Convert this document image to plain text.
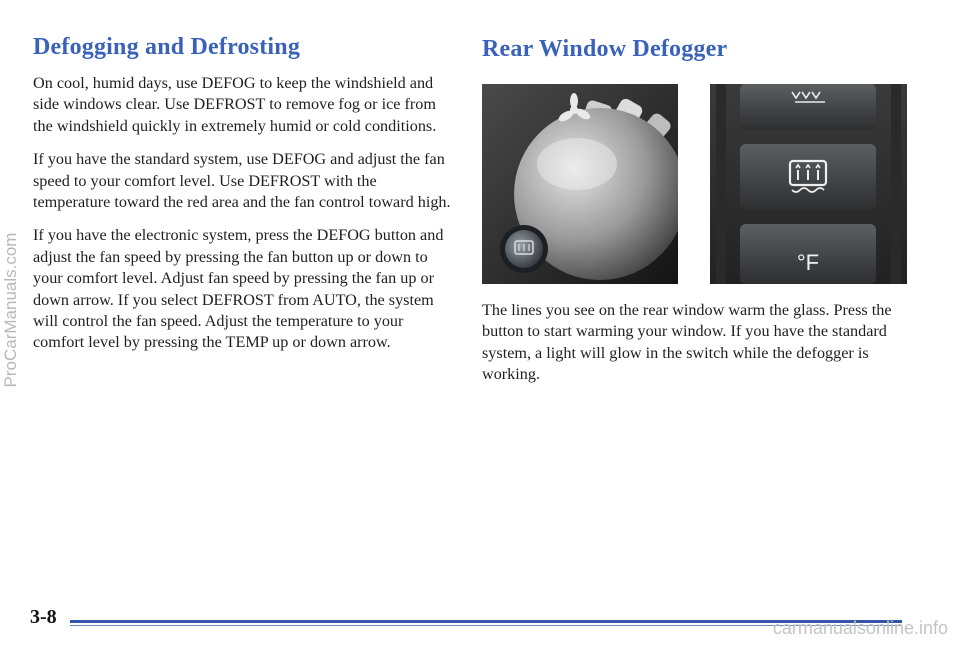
Defogging and Defrosting

On cool, humid days, use DEFOG to keep the windshield and side windows clear. Use DEFROST to remove fog or ice from the windshield quickly in extremely humid or cold conditions.

If you have the standard system, use DEFOG and adjust the fan speed to your comfort level. Use DEFROST with the temperature toward the red area and the fan control toward high.

If you have the electronic system, press the DEFOG button and adjust the fan speed by pressing the fan button up or down to your comfort level. Adjust fan speed by pressing the fan up or down arrow. If you select DEFROST from AUTO, the system will control the fan speed. Adjust the temperature to your comfort level by pressing the TEMP up or down arrow.

Rear Window Defogger
°F

The lines you see on the rear window warm the glass. Press the button to start warming your window. If you have the standard system, a light will glow in the switch while the defogger is working.

3-8

ProCarManuals.com

carmanualsonline.info
